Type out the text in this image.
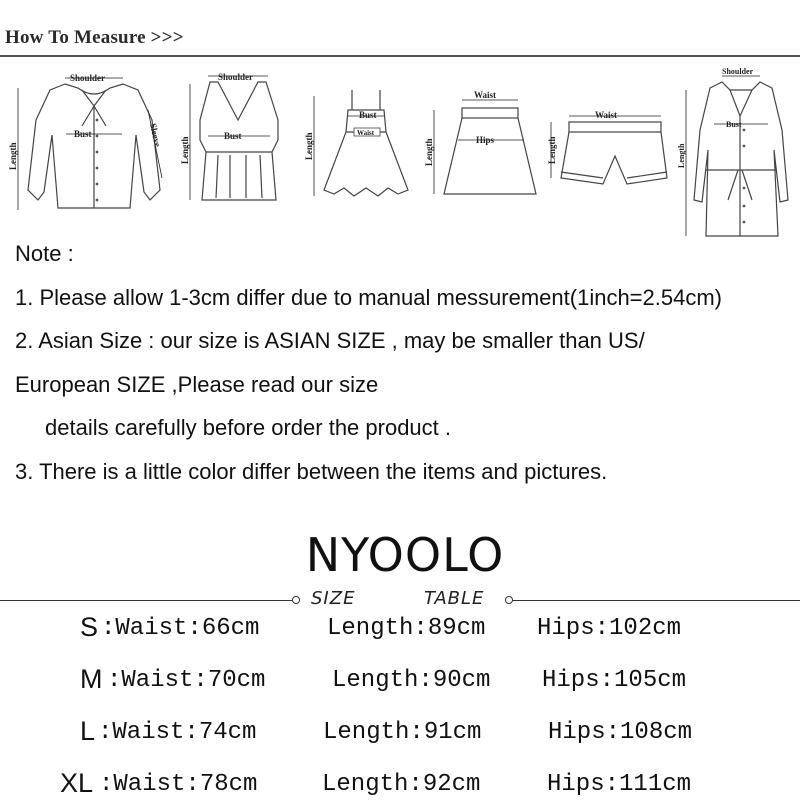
How To Measure >>>
Shoulder
Bust
Length
Sleeve
Shoulder
Bust
Length
Bust
Waist
Length
Waist
Hips
Length
Waist
Length
Shoulder
Bust
Length
Note :
1. Please allow 1-3cm differ due to manual messurement(1inch=2.54cm)
2. Asian Size : our size is ASIAN SIZE , may be smaller than US/
European SIZE ,Please read our size
details carefully before order the product .
3. There is a little color differ between the items and pictures.
NYOOLO
SIZE	TABLE
S :Waist:66cm	Length:89cm Hips:102cm
M :Waist:70cm	Length:90cm Hips:105cm
L :Waist:74cm	Length:91cm	Hips:108cm
XL :Waist:78cm	Length:92cm	Hips:111cm
